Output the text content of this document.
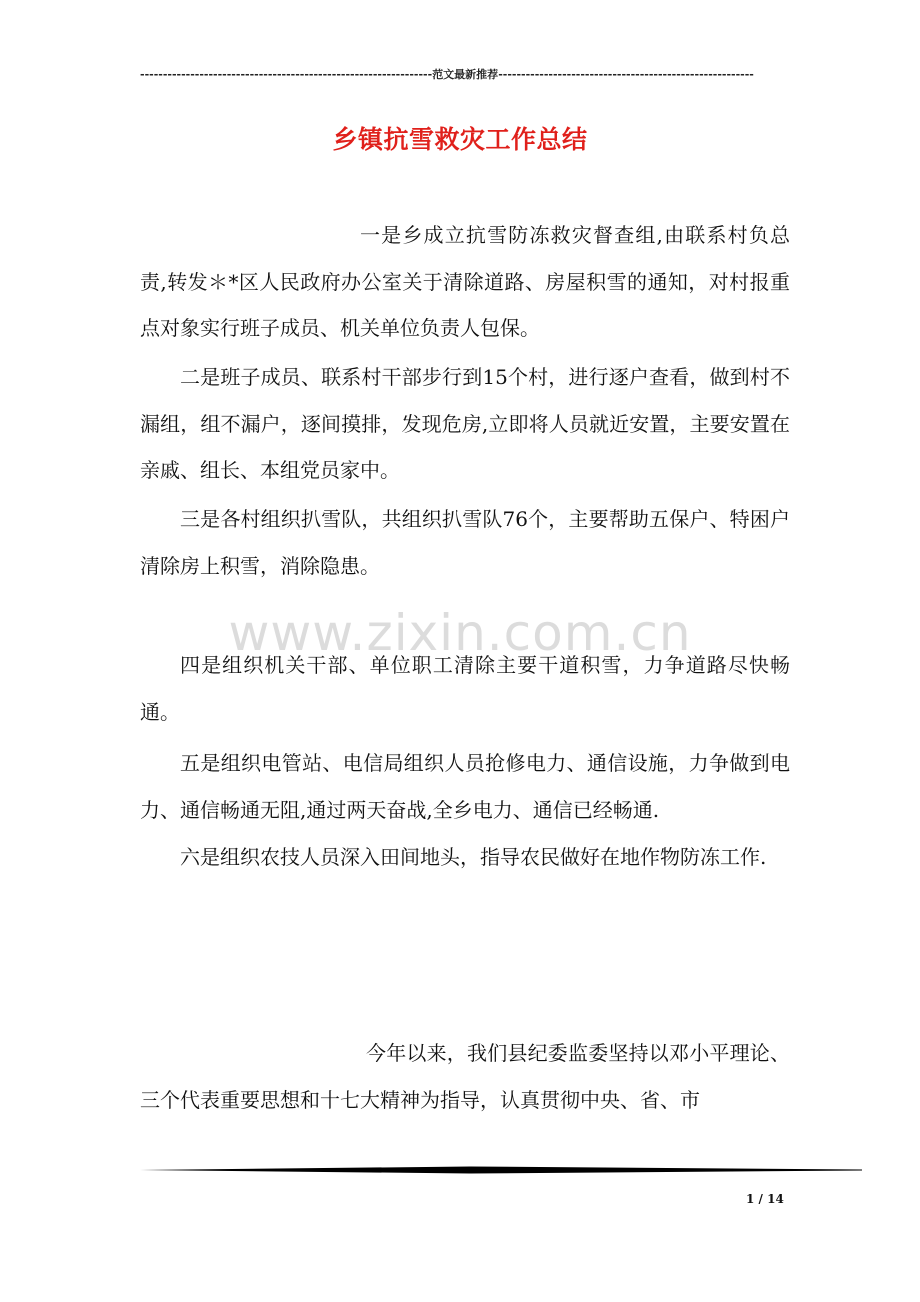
----------------------------------------------------------------范文最新推荐--------------------------------------------------------
乡镇抗雪救灾工作总结
一是乡成立抗雪防冻救灾督查组,由联系村负总责,转发＊*区人民政府办公室关于清除道路、房屋积雪的通知，对村报重点对象实行班子成员、机关单位负责人包保。
二是班子成员、联系村干部步行到15个村，进行逐户查看，做到村不漏组，组不漏户，逐间摸排，发现危房,立即将人员就近安置，主要安置在亲戚、组长、本组党员家中。
三是各村组织扒雪队，共组织扒雪队76个，主要帮助五保户、特困户清除房上积雪，消除隐患。
www.zixin.com.cn
四是组织机关干部、单位职工清除主要干道积雪，力争道路尽快畅通。
五是组织电管站、电信局组织人员抢修电力、通信设施，力争做到电力、通信畅通无阻,通过两天奋战,全乡电力、通信已经畅通.
六是组织农技人员深入田间地头，指导农民做好在地作物防冻工作.
今年以来，我们县纪委监委坚持以邓小平理论、三个代表重要思想和十七大精神为指导，认真贯彻中央、省、市
1 / 14
